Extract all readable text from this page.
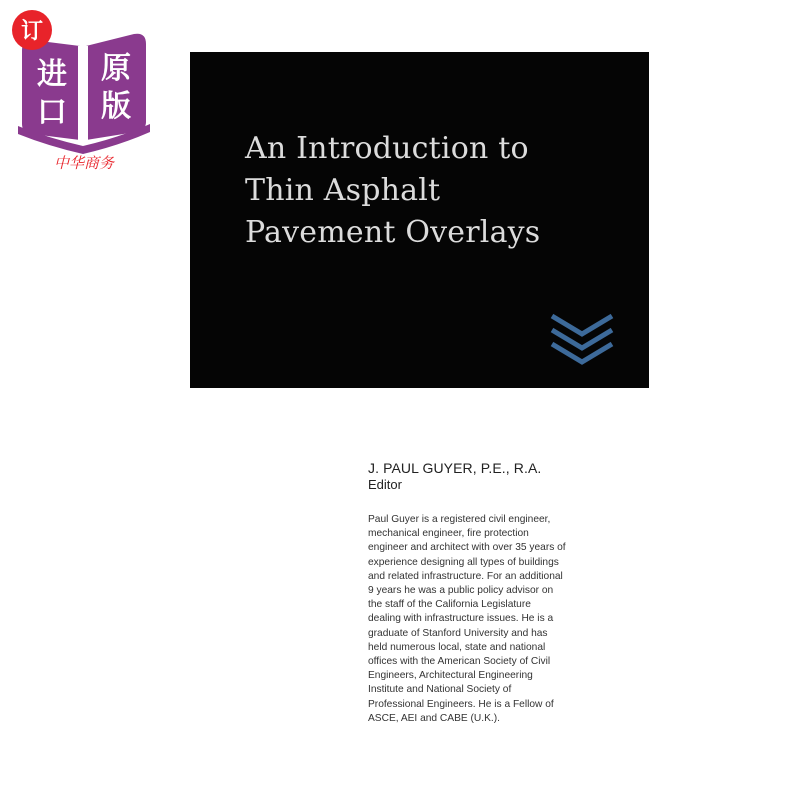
订
进
口
原
版
中华商务	An Introduction to
Thin Asphalt
Pavement Overlays

J. PAUL GUYER, P.E., R.A.

Editor

Paul Guyer is a registered civil engineer,
mechanical engineer, fire protection
engineer and architect with over 35 years of
experience designing all types of buildings
and related infrastructure. For an additional
9 years he was a public policy advisor on
the staff of the California Legislature
dealing with infrastructure issues. He is a
graduate of Stanford University and has
held numerous local, state and national
offices with the American Society of Civil
Engineers, Architectural Engineering
Institute and National Society of
Professional Engineers. He is a Fellow of
ASCE, AEI and CABE (U.K.).
